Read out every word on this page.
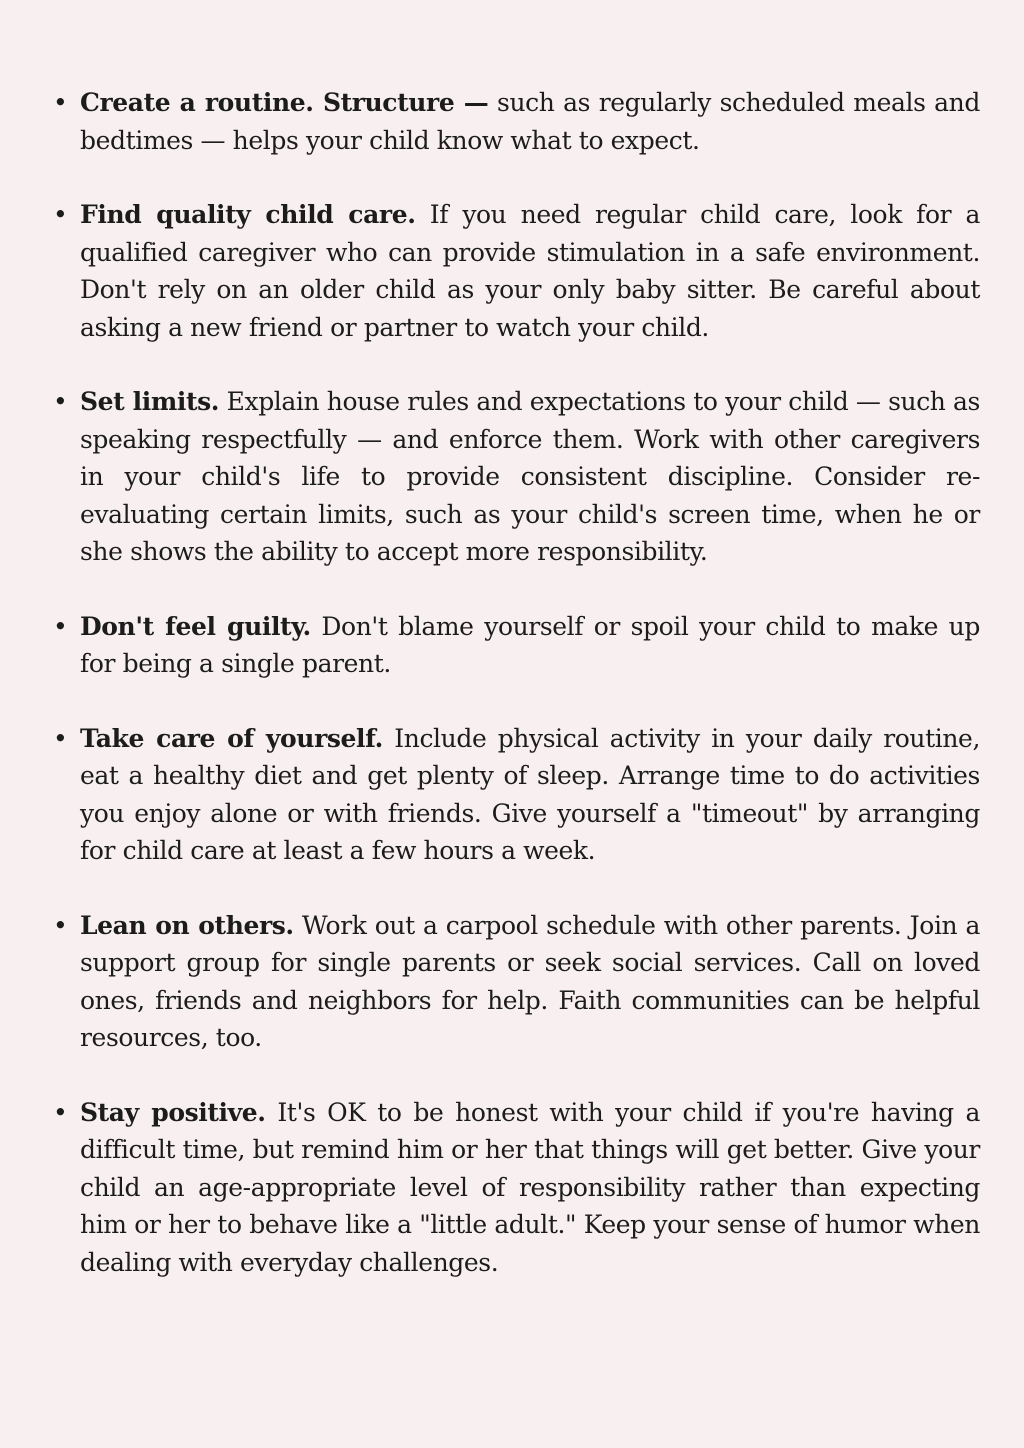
• Create a routine. Structure — such as regularly scheduled meals and bedtimes — helps your child know what to expect.
• Find quality child care. If you need regular child care, look for a qualified caregiver who can provide stimulation in a safe environment. Don't rely on an older child as your only baby sitter. Be careful about asking a new friend or partner to watch your child.
• Set limits. Explain house rules and expectations to your child — such as speaking respectfully — and enforce them. Work with other caregivers in your child's life to provide consistent discipline. Consider re-evaluating certain limits, such as your child's screen time, when he or she shows the ability to accept more responsibility.
• Don't feel guilty. Don't blame yourself or spoil your child to make up for being a single parent.
• Take care of yourself. Include physical activity in your daily routine, eat a healthy diet and get plenty of sleep. Arrange time to do activities you enjoy alone or with friends. Give yourself a "timeout" by arranging for child care at least a few hours a week.
• Lean on others. Work out a carpool schedule with other parents. Join a support group for single parents or seek social services. Call on loved ones, friends and neighbors for help. Faith communities can be helpful resources, too.
• Stay positive. It's OK to be honest with your child if you're having a difficult time, but remind him or her that things will get better. Give your child an age-appropriate level of responsibility rather than expecting him or her to behave like a "little adult." Keep your sense of humor when dealing with everyday challenges.
